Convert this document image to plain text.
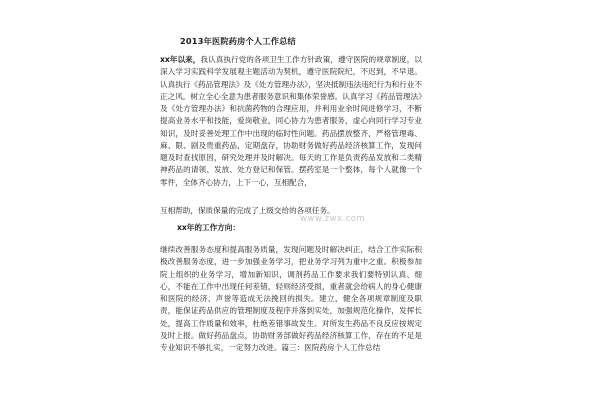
2013年医院药房个人工作总结
xx年以来，我认真执行党的各项卫生工作方针政策，遵守医院的规章制度，以深入学习实践科学发展观主题活动为契机，遵守医院院纪，不迟到，不早退。认真执行《药品管理法》及《处方管理办法》，坚决抵制违法违纪行为和行业不正之风。树立全心全意为患者服务意识和集体荣誉感。认真学习《药品管理法》及《处方管理办法》和抗菌药物的合理应用，并利用业余时间进修学习，不断提高业务水平和技能，爱岗敬业，同心协力为患者服务，虚心向同行学习专业知识，及时妥善处理工作中出现的临时性问题。药品摆放整齐，严格管理毒、麻、限、剧及贵重药品，定期盘存，协助财务做好药品经济核算工作，发现问题及时查找原因，研究处理并及时解决。每天的工作是负责药品发放和二类精神药品的请领、发放、处方登记和保管。摆药室是一个整体，每个人就像一个零件，全体齐心协力，上下一心，互相配合，
互相帮助，保质保量的完成了上级交给的各项任务。
xx年的工作方向：
继续改善服务态度和提高服务质量，发现问题及时解决纠正，结合工作实际积极改善服务态度，进一步加强业务学习，把业务学习列为重中之重。积极参加院上组织的业务学习，增加新知识，调剂药品工作要求我们要特别认真、细心，不能在工作中出现任何差错，轻则经济受损，重者就会给病人的身心健康和医院的经济、声誉等造成无法挽回的损失。建立、健全各项规章制度及职责，能保证药品供应的管理制度及程序并落到实处，加强规范化操作，发挥长处，提高工作质量和效率，杜绝差错事故发生。对所发生药品不良反应按规定及时上报。做好药品盘点，协助财务部做好药品经济核算工作，存在的不足是专业知识不够扎实，一定努力改进。篇三：医院药房个人工作总结
www.zwx.com
